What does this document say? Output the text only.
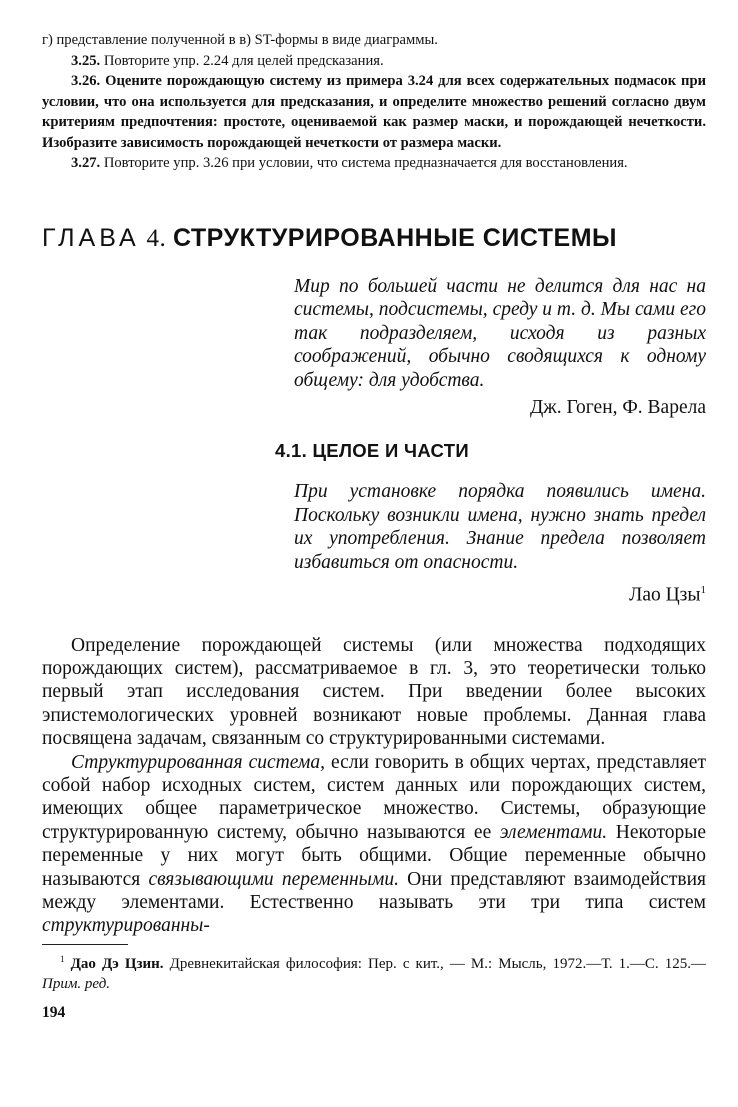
г) представление полученной в в) ST-формы в виде диаграммы.

3.25. Повторите упр. 2.24 для целей предсказания.

3.26. Оцените порождающую систему из примера 3.24 для всех содержательных подмасок при условии, что она используется для предсказания, и определите множество решений согласно двум критериям предпочтения: простоте, оцениваемой как размер маски, и порождающей нечеткости. Изобразите зависимость порождающей нечеткости от размера маски.

3.27. Повторите упр. 3.26 при условии, что система предназначается для восстановления.

ГЛАВА 4. СТРУКТУРИРОВАННЫЕ СИСТЕМЫ

Мир по большей части не делится для нас на системы, подсистемы, среду и т. д. Мы сами его так подразделяем, исходя из разных соображений, обычно сводящихся к одному общему: для удобства.

Дж. Гоген, Ф. Варела

4.1. ЦЕЛОЕ И ЧАСТИ

При установке порядка появились имена. Поскольку возникли имена, нужно знать предел их употребления. Знание предела позволяет избавиться от опасности.

Лао Цзы$^1$

Определение порождающей системы (или множества подходящих порождающих систем), рассматриваемое в гл. 3, это теоретически только первый этап исследования систем. При введении более высоких эпистемологических уровней возникают новые проблемы. Данная глава посвящена задачам, связанным со структурированными системами.

Структурированная система, если говорить в общих чертах, представляет собой набор исходных систем, систем данных или порождающих систем, имеющих общее параметрическое множество. Системы, образующие структурированную систему, обычно называются ее элементами. Некоторые переменные у них могут быть общими. Общие переменные обычно называются связывающими переменными. Они представляют взаимодействия между элементами. Естественно называть эти три типа систем структурированны-

$^1$ Дао Дэ Цзин. Древнекитайская философия: Пер. с кит., — М.: Мысль, 1972.—Т. 1.—С. 125.—Прим. ред.

194
